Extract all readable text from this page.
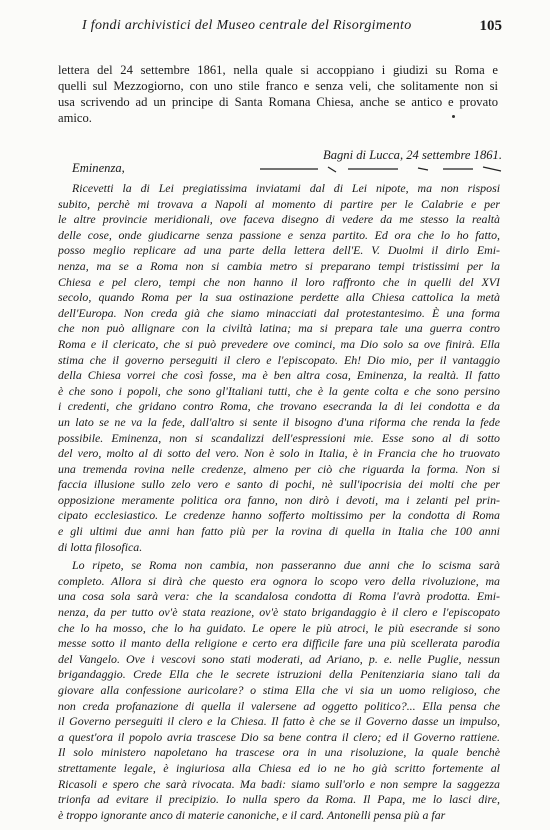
I fondi archivistici del Museo centrale del Risorgimento	105
lettera del 24 settembre 1861, nella quale si accoppiano i giudizi su Roma e
quelli sul Mezzogiorno, con uno stile franco e senza veli, che solitamente non si
usa scrivendo ad un principe di Santa Romana Chiesa, anche se antico e provato
amico.
Bagni di Lucca, 24 settembre 1861.
Eminenza,
Ricevetti la di Lei pregiatissima inviatami dal di Lei nipote, ma non risposi
subito, perchè mi trovava a Napoli al momento di partire per le Calabrie e per
le altre provincie meridionali, ove faceva disegno di vedere da me stesso la realtà
delle cose, onde giudicarne senza passione e senza partito. Ed ora che lo ho fatto,
posso meglio replicare ad una parte della lettera dell'E. V. Duolmi il dirlo Emi-
nenza, ma se a Roma non si cambia metro si preparano tempi tristissimi per la
Chiesa e pel clero, tempi che non hanno il loro raffronto che in quelli del XVI
secolo, quando Roma per la sua ostinazione perdette alla Chiesa cattolica la metà
dell'Europa. Non creda già che siamo minacciati dal protestantesimo. È una forma
che non può allignare con la civiltà latina; ma si prepara tale una guerra contro
Roma e il clericato, che si può prevedere ove cominci, ma Dio solo sa ove finirà. Ella
stima che il governo perseguiti il clero e l'episcopato. Eh! Dio mio, per il vantaggio
della Chiesa vorrei che così fosse, ma è ben altra cosa, Eminenza, la realtà. Il fatto
è che sono i popoli, che sono gl'Italiani tutti, che è la gente colta e che sono persino
i credenti, che gridano contro Roma, che trovano esecranda la di lei condotta e da
un lato se ne va la fede, dall'altro si sente il bisogno d'una riforma che renda la fede
possibile. Eminenza, non si scandalizzi dell'espressioni mie. Esse sono al di sotto
del vero, molto al di sotto del vero. Non è solo in Italia, è in Francia che ho truovato
una tremenda rovina nelle credenze, almeno per ciò che riguarda la forma. Non si
faccia illusione sullo zelo vero e santo di pochi, nè sull'ipocrisia dei molti che per
opposizione meramente politica ora fanno, non dirò i devoti, ma i zelanti pel prin-
cipato ecclesiastico. Le credenze hanno sofferto moltissimo per la condotta di Roma
e gli ultimi due anni han fatto più per la rovina di quella in Italia che 100 anni
di lotta filosofica.
Lo ripeto, se Roma non cambia, non passeranno due anni che lo scisma sarà
completo. Allora si dirà che questo era ognora lo scopo vero della rivoluzione, ma
una cosa sola sarà vera: che la scandalosa condotta di Roma l'avrà prodotta. Emi-
nenza, da per tutto ov'è stata reazione, ov'è stato brigandaggio è il clero e l'episcopato
che lo ha mosso, che lo ha guidato. Le opere le più atroci, le più esecrande si sono
messe sotto il manto della religione e certo era difficile fare una più scellerata parodia
del Vangelo. Ove i vescovi sono stati moderati, ad Ariano, p. e. nelle Puglie, nessun
brigandaggio. Crede Ella che le secrete istruzioni della Penitenziaria siano tali da
giovare alla confessione auricolare? o stima Ella che vi sia un uomo religioso, che
non creda profanazione di quella il valersene ad oggetto politico?... Ella pensa che
il Governo perseguiti il clero e la Chiesa. Il fatto è che se il Governo dasse un impulso,
a quest'ora il popolo avria trascese Dio sa bene contra il clero; ed il Governo rattiene.
Il solo ministero napoletano ha trascese ora in una risoluzione, la quale benchè
strettamente legale, è ingiuriosa alla Chiesa ed io ne ho già scritto fortemente al
Ricasoli e spero che sarà rivocata. Ma badi: siamo sull'orlo e non sempre la saggezza
trionfa ad evitare il precipizio. Io nulla spero da Roma. Il Papa, me lo lasci dire,
è troppo ignorante anco di materie canoniche, e il card. Antonelli pensa più a far
